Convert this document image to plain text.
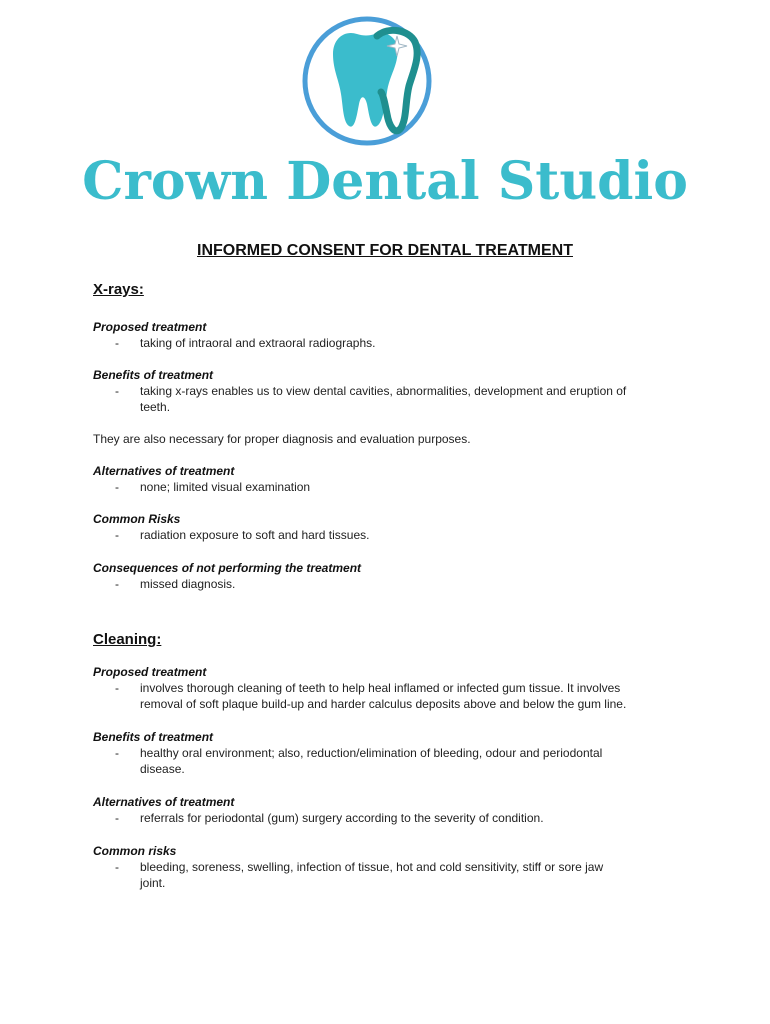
Crown Dental Studio
INFORMED CONSENT FOR DENTAL TREATMENT

X-rays:

Proposed treatment

- taking of intraoral and extraoral radiographs.

Benefits of treatment

- taking x-rays enables us to view dental cavities, abnormalities, development and eruption of
teeth.

They are also necessary for proper diagnosis and evaluation purposes.

Alternatives of treatment

- none; limited visual examination

Common Risks

- radiation exposure to soft and hard tissues.

Consequences of not performing the treatment

- missed diagnosis.

Cleaning:

Proposed treatment

- involves thorough cleaning of teeth to help heal inflamed or infected gum tissue. It involves
removal of soft plaque build-up and harder calculus deposits above and below the gum line.

Benefits of treatment

- healthy oral environment; also, reduction/elimination of bleeding, odour and periodontal
disease.

Alternatives of treatment

- referrals for periodontal (gum) surgery according to the severity of condition.

Common risks

- bleeding, soreness, swelling, infection of tissue, hot and cold sensitivity, stiff or sore jaw
joint.
